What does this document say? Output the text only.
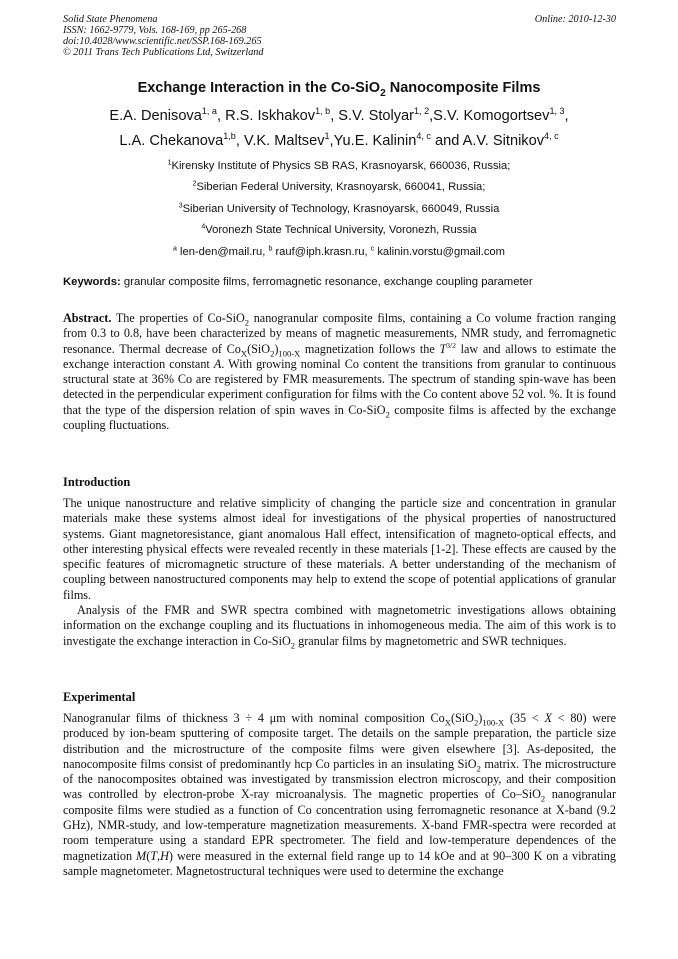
Solid State Phenomena
ISSN: 1662-9779, Vols. 168-169, pp 265-268
doi:10.4028/www.scientific.net/SSP.168-169.265
© 2011 Trans Tech Publications Ltd, Switzerland
Online: 2010-12-30
Exchange Interaction in the Co-SiO$_2$ Nanocomposite Films
E.A. Denisova$^{1, a}$, R.S. Iskhakov$^{1, b}$, S.V. Stolyar$^{1, 2}$,S.V. Komogortsev$^{1, 3}$,
L.A. Chekanova$^{1,b}$, V.K. Maltsev$^1$,Yu.E. Kalinin$^{4, c}$ and A.V. Sitnikov$^{4, c}$
$^1$Kirensky Institute of Physics SB RAS, Krasnoyarsk, 660036, Russia;
$^2$Siberian Federal University, Krasnoyarsk, 660041, Russia;
$^3$Siberian University of Technology, Krasnoyarsk, 660049, Russia
$^4$Voronezh State Technical University, Voronezh, Russia
$^a$ len-den@mail.ru, $^b$ rauf@iph.krasn.ru, $^c$ kalinin.vorstu@gmail.com
Keywords: granular composite films, ferromagnetic resonance, exchange coupling parameter

Abstract. The properties of Co-SiO$_2$ nanogranular composite films, containing a Co volume fraction ranging from 0.3 to 0.8, have been characterized by means of magnetic measurements, NMR study, and ferromagnetic resonance. Thermal decrease of $Co_X(SiO_2)_{100-X}$ magnetization follows the $T^{3/2}$ law and allows to estimate the exchange interaction constant A. With growing nominal Co content the transitions from granular to continuous structural state at 36% Co are registered by FMR measurements. The spectrum of standing spin-wave has been detected in the perpendicular experiment configuration for films with the Co content above 52 vol. %. It is found that the type of the dispersion relation of spin waves in Co-SiO$_2$ composite films is affected by the exchange coupling fluctuations.

Introduction

The unique nanostructure and relative simplicity of changing the particle size and concentration in granular materials make these systems almost ideal for investigations of the physical properties of nanostructured systems. Giant magnetoresistance, giant anomalous Hall effect, intensification of magneto-optical effects, and other interesting physical effects were revealed recently in these materials [1-2]. These effects are caused by the specific features of micromagnetic structure of these materials. A better understanding of the mechanism of coupling between nanostructured components may help to extend the scope of potential applications of granular films.

Analysis of the FMR and SWR spectra combined with magnetometric investigations allows obtaining information on the exchange coupling and its fluctuations in inhomogeneous media. The aim of this work is to investigate the exchange interaction in Co-SiO$_2$ granular films by magnetometric and SWR techniques.

Experimental

Nanogranular films of thickness 3 ÷ 4 μm with nominal composition $Co_X(SiO_2)_{100-X}$ (35 < X < 80) were produced by ion-beam sputtering of composite target. The details on the sample preparation, the particle size distribution and the microstructure of the composite films were given elsewhere [3]. As-deposited, the nanocomposite films consist of predominantly hcp Co particles in an insulating SiO$_2$ matrix. The microstructure of the nanocomposites obtained was investigated by transmission electron microscopy, and their composition was controlled by electron-probe X-ray microanalysis. The magnetic properties of Co–SiO$_2$ nanogranular composite films were studied as a function of Co concentration using ferromagnetic resonance at X-band (9.2 GHz), NMR-study, and low-temperature magnetization measurements. X-band FMR-spectra were recorded at room temperature using a standard EPR spectrometer. The field and low-temperature dependences of the magnetization M(T,H) were measured in the external field range up to 14 kOe and at 90–300 K on a vibrating sample magnetometer. Magnetostructural techniques were used to determine the exchange
